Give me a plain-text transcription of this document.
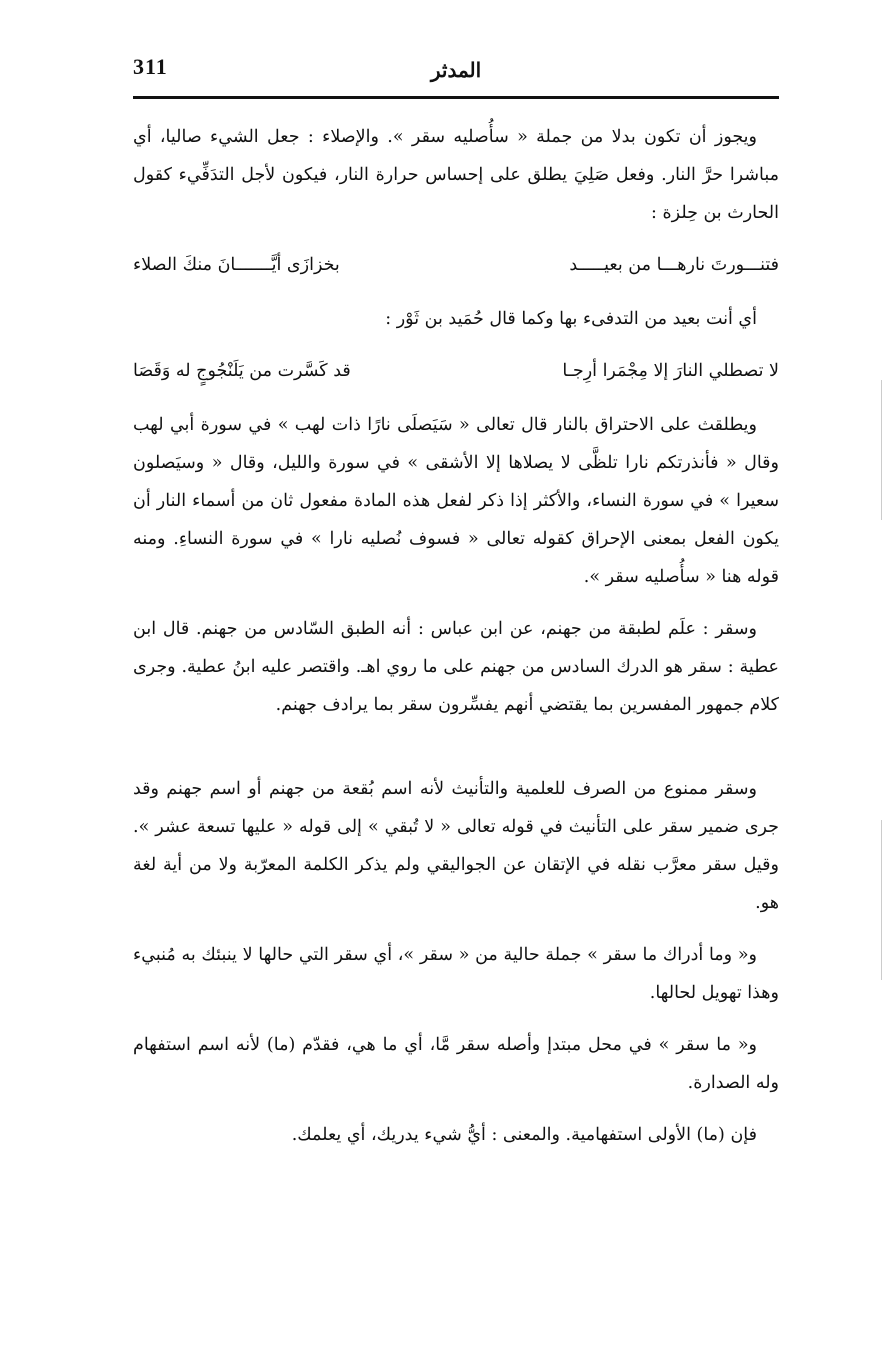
311	المدثر

ويجوز أن تكون بدلا من جملة « سأُصليه سقر ». والإصلاء : جعل الشيء صاليا، أي مباشرا حرَّ النار. وفعل صَلِيَ يطلق على إحساس حرارة النار، فيكون لأجل التدَفِّيء كقول الحارث بن حِلزة :

فتنـــورتَ نارهـــا من بعيـــــد
بخزازَى أيَّـــــــانَ منكَ الصلاء

أي أنت بعيد من التدفىء بها وكما قال حُمَيد بن ثَوْر :

لا تصطلي النارَ إلا مِجْمَرا أرِجـا
قد كَسَّرت من يَلَنْجُوجٍ له وَقَصَا

ويطلقث على الاحتراق بالنار قال تعالى « سَيَصلَى نارًا ذات لهب » في سورة أبي لهب وقال « فأنذرتكم نارا تلظَّى لا يصلاها إلا الأشقى » في سورة والليل، وقال « وسيَصلون سعيرا » في سورة النساء، والأكثر إذا ذكر لفعل هذه المادة مفعول ثان من أسماء النار أن يكون الفعل بمعنى الإحراق كقوله تعالى « فسوف نُصليه نارا » في سورة النساءِ. ومنه قوله هنا « سأُصليه سقر ».

وسقر : علَم لطبقة من جهنم، عن ابن عباس : أنه الطبق السّادس من جهنم. قال ابن عطية : سقر هو الدرك السادس من جهنم على ما روي اهـ. واقتصر عليه ابنُ عطية. وجرى كلام جمهور المفسرين بما يقتضي أنهم يفسِّرون سقر بما يرادف جهنم.

وسقر ممنوع من الصرف للعلمية والتأنيث لأنه اسم بُقعة من جهنم أو اسم جهنم وقد جرى ضمير سقر على التأنيث في قوله تعالى « لا تُبقي » إلى قوله « عليها تسعة عشر ». وقيل سقر معرَّب نقله في الإتقان عن الجواليقي ولم يذكر الكلمة المعرّبة ولا من أية لغة هو.

و« وما أدراك ما سقر » جملة حالية من « سقر »، أي سقر التي حالها لا ينبئك به مُنبيء وهذا تهويل لحالها.

و« ما سقر » في محل مبتدإ وأصله سقر مَّا، أي ما هي، فقدّم (ما) لأنه اسم استفهام وله الصدارة.

فإن (ما) الأولى استفهامية. والمعنى : أيُّ شيء يدريك، أي يعلمك.
